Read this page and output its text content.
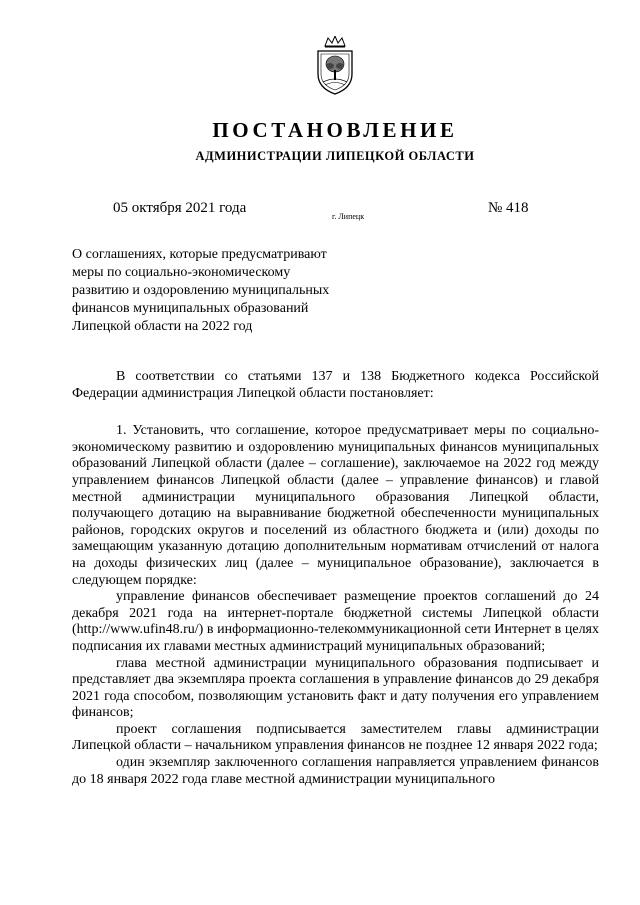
ПОСТАНОВЛЕНИЕ
АДМИНИСТРАЦИИ ЛИПЕЦКОЙ ОБЛАСТИ
05 октября 2021 года
г. Липецк
№ 418
О соглашениях, которые предусматривают
меры по социально-экономическому
развитию и оздоровлению муниципальных
финансов муниципальных образований
Липецкой области на 2022 год

В соответствии со статьями 137 и 138 Бюджетного кодекса Российской Федерации администрация Липецкой области постановляет:

1. Установить, что соглашение, которое предусматривает меры по социально-экономическому развитию и оздоровлению муниципальных финансов муниципальных образований Липецкой области (далее – соглашение), заключаемое на 2022 год между управлением финансов Липецкой области (далее – управление финансов) и главой местной администрации муниципального образования Липецкой области, получающего дотацию на выравнивание бюджетной обеспеченности муниципальных районов, городских округов и поселений из областного бюджета и (или) доходы по замещающим указанную дотацию дополнительным нормативам отчислений от налога на доходы физических лиц (далее – муниципальное образование), заключается в следующем порядке:

управление финансов обеспечивает размещение проектов соглашений до 24 декабря 2021 года на интернет-портале бюджетной системы Липецкой области (http://www.ufin48.ru/) в информационно-телекоммуникационной сети Интернет в целях подписания их главами местных администраций муниципальных образований;

глава местной администрации муниципального образования подписывает и представляет два экземпляра проекта соглашения в управление финансов до 29 декабря 2021 года способом, позволяющим установить факт и дату получения его управлением финансов;

проект соглашения подписывается заместителем главы администрации Липецкой области – начальником управления финансов не позднее 12 января 2022 года;

один экземпляр заключенного соглашения направляется управлением финансов до 18 января 2022 года главе местной администрации муниципального
